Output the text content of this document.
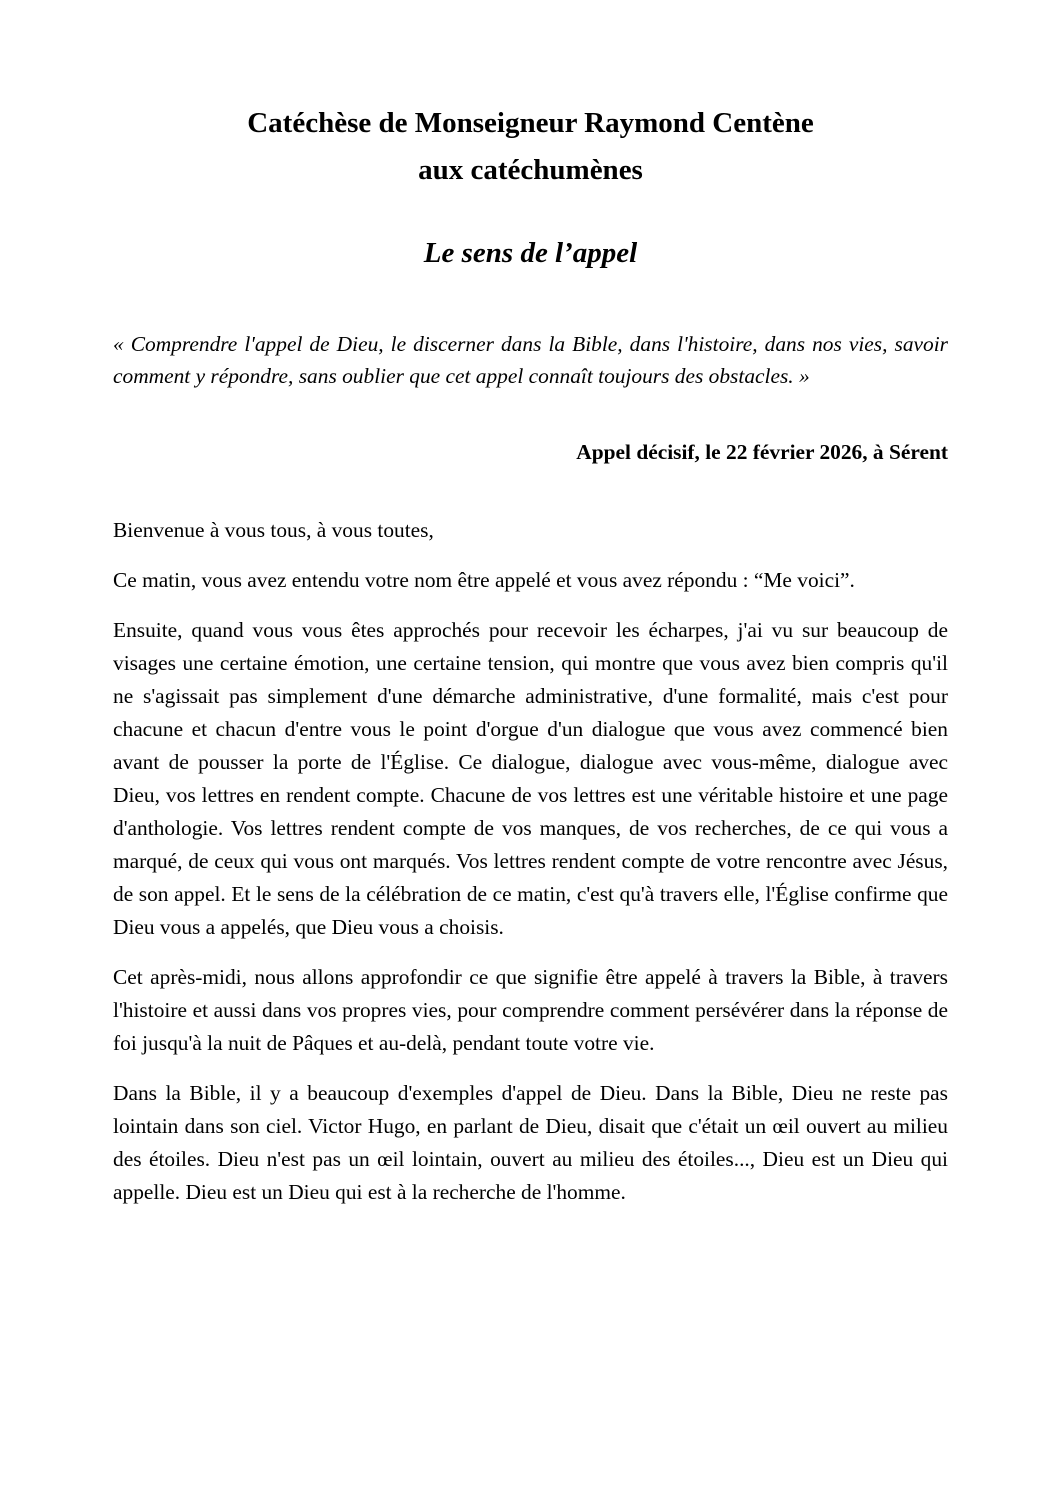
Catéchèse de Monseigneur Raymond Centène
aux catéchumènes
Le sens de l’appel

« Comprendre l'appel de Dieu, le discerner dans la Bible, dans l'histoire, dans nos vies, savoir comment y répondre, sans oublier que cet appel connaît toujours des obstacles. »

Appel décisif, le 22 février 2026, à Sérent

Bienvenue à vous tous, à vous toutes,

Ce matin, vous avez entendu votre nom être appelé et vous avez répondu : “Me voici”.

Ensuite, quand vous vous êtes approchés pour recevoir les écharpes, j'ai vu sur beaucoup de visages une certaine émotion, une certaine tension, qui montre que vous avez bien compris qu'il ne s'agissait pas simplement d'une démarche administrative, d'une formalité, mais c'est pour chacune et chacun d'entre vous le point d'orgue d'un dialogue que vous avez commencé bien avant de pousser la porte de l'Église. Ce dialogue, dialogue avec vous-même, dialogue avec Dieu, vos lettres en rendent compte. Chacune de vos lettres est une véritable histoire et une page d'anthologie. Vos lettres rendent compte de vos manques, de vos recherches, de ce qui vous a marqué, de ceux qui vous ont marqués. Vos lettres rendent compte de votre rencontre avec Jésus, de son appel. Et le sens de la célébration de ce matin, c'est qu'à travers elle, l'Église confirme que Dieu vous a appelés, que Dieu vous a choisis.

Cet après-midi, nous allons approfondir ce que signifie être appelé à travers la Bible, à travers l'histoire et aussi dans vos propres vies, pour comprendre comment persévérer dans la réponse de foi jusqu'à la nuit de Pâques et au-delà, pendant toute votre vie.

Dans la Bible, il y a beaucoup d'exemples d'appel de Dieu. Dans la Bible, Dieu ne reste pas lointain dans son ciel. Victor Hugo, en parlant de Dieu, disait que c'était un œil ouvert au milieu des étoiles. Dieu n'est pas un œil lointain, ouvert au milieu des étoiles..., Dieu est un Dieu qui appelle. Dieu est un Dieu qui est à la recherche de l'homme.
